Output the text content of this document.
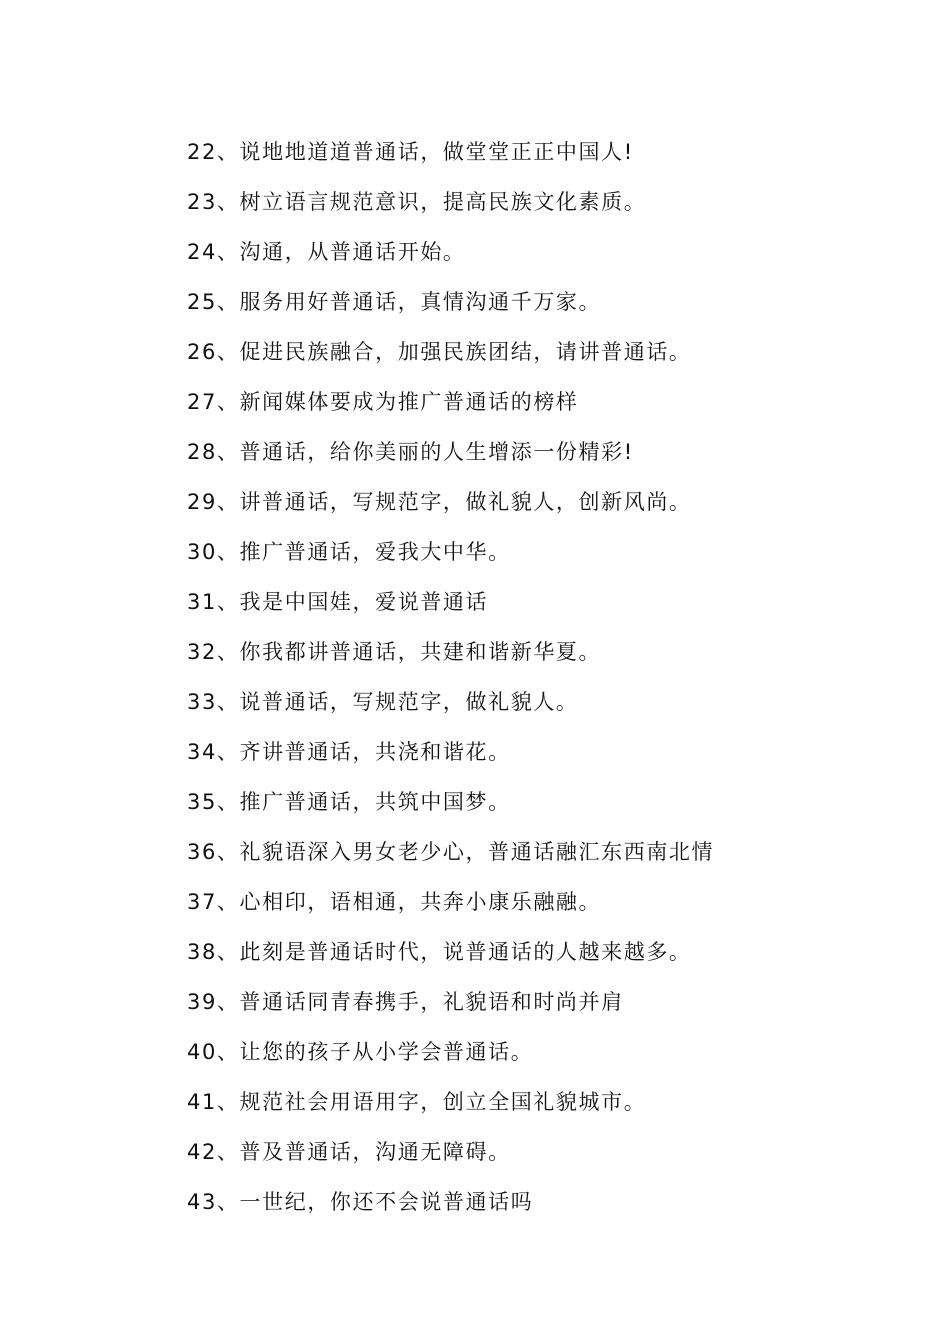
22、说地地道道普通话，做堂堂正正中国人!
23、树立语言规范意识，提高民族文化素质。
24、沟通，从普通话开始。
25、服务用好普通话，真情沟通千万家。
26、促进民族融合，加强民族团结，请讲普通话。
27、新闻媒体要成为推广普通话的榜样
28、普通话，给你美丽的人生增添一份精彩!
29、讲普通话，写规范字，做礼貌人，创新风尚。
30、推广普通话，爱我大中华。
31、我是中国娃，爱说普通话
32、你我都讲普通话，共建和谐新华夏。
33、说普通话，写规范字，做礼貌人。
34、齐讲普通话，共浇和谐花。
35、推广普通话，共筑中国梦。
36、礼貌语深入男女老少心，普通话融汇东西南北情
37、心相印，语相通，共奔小康乐融融。
38、此刻是普通话时代，说普通话的人越来越多。
39、普通话同青春携手，礼貌语和时尚并肩
40、让您的孩子从小学会普通话。
41、规范社会用语用字，创立全国礼貌城市。
42、普及普通话，沟通无障碍。
43、一世纪，你还不会说普通话吗
